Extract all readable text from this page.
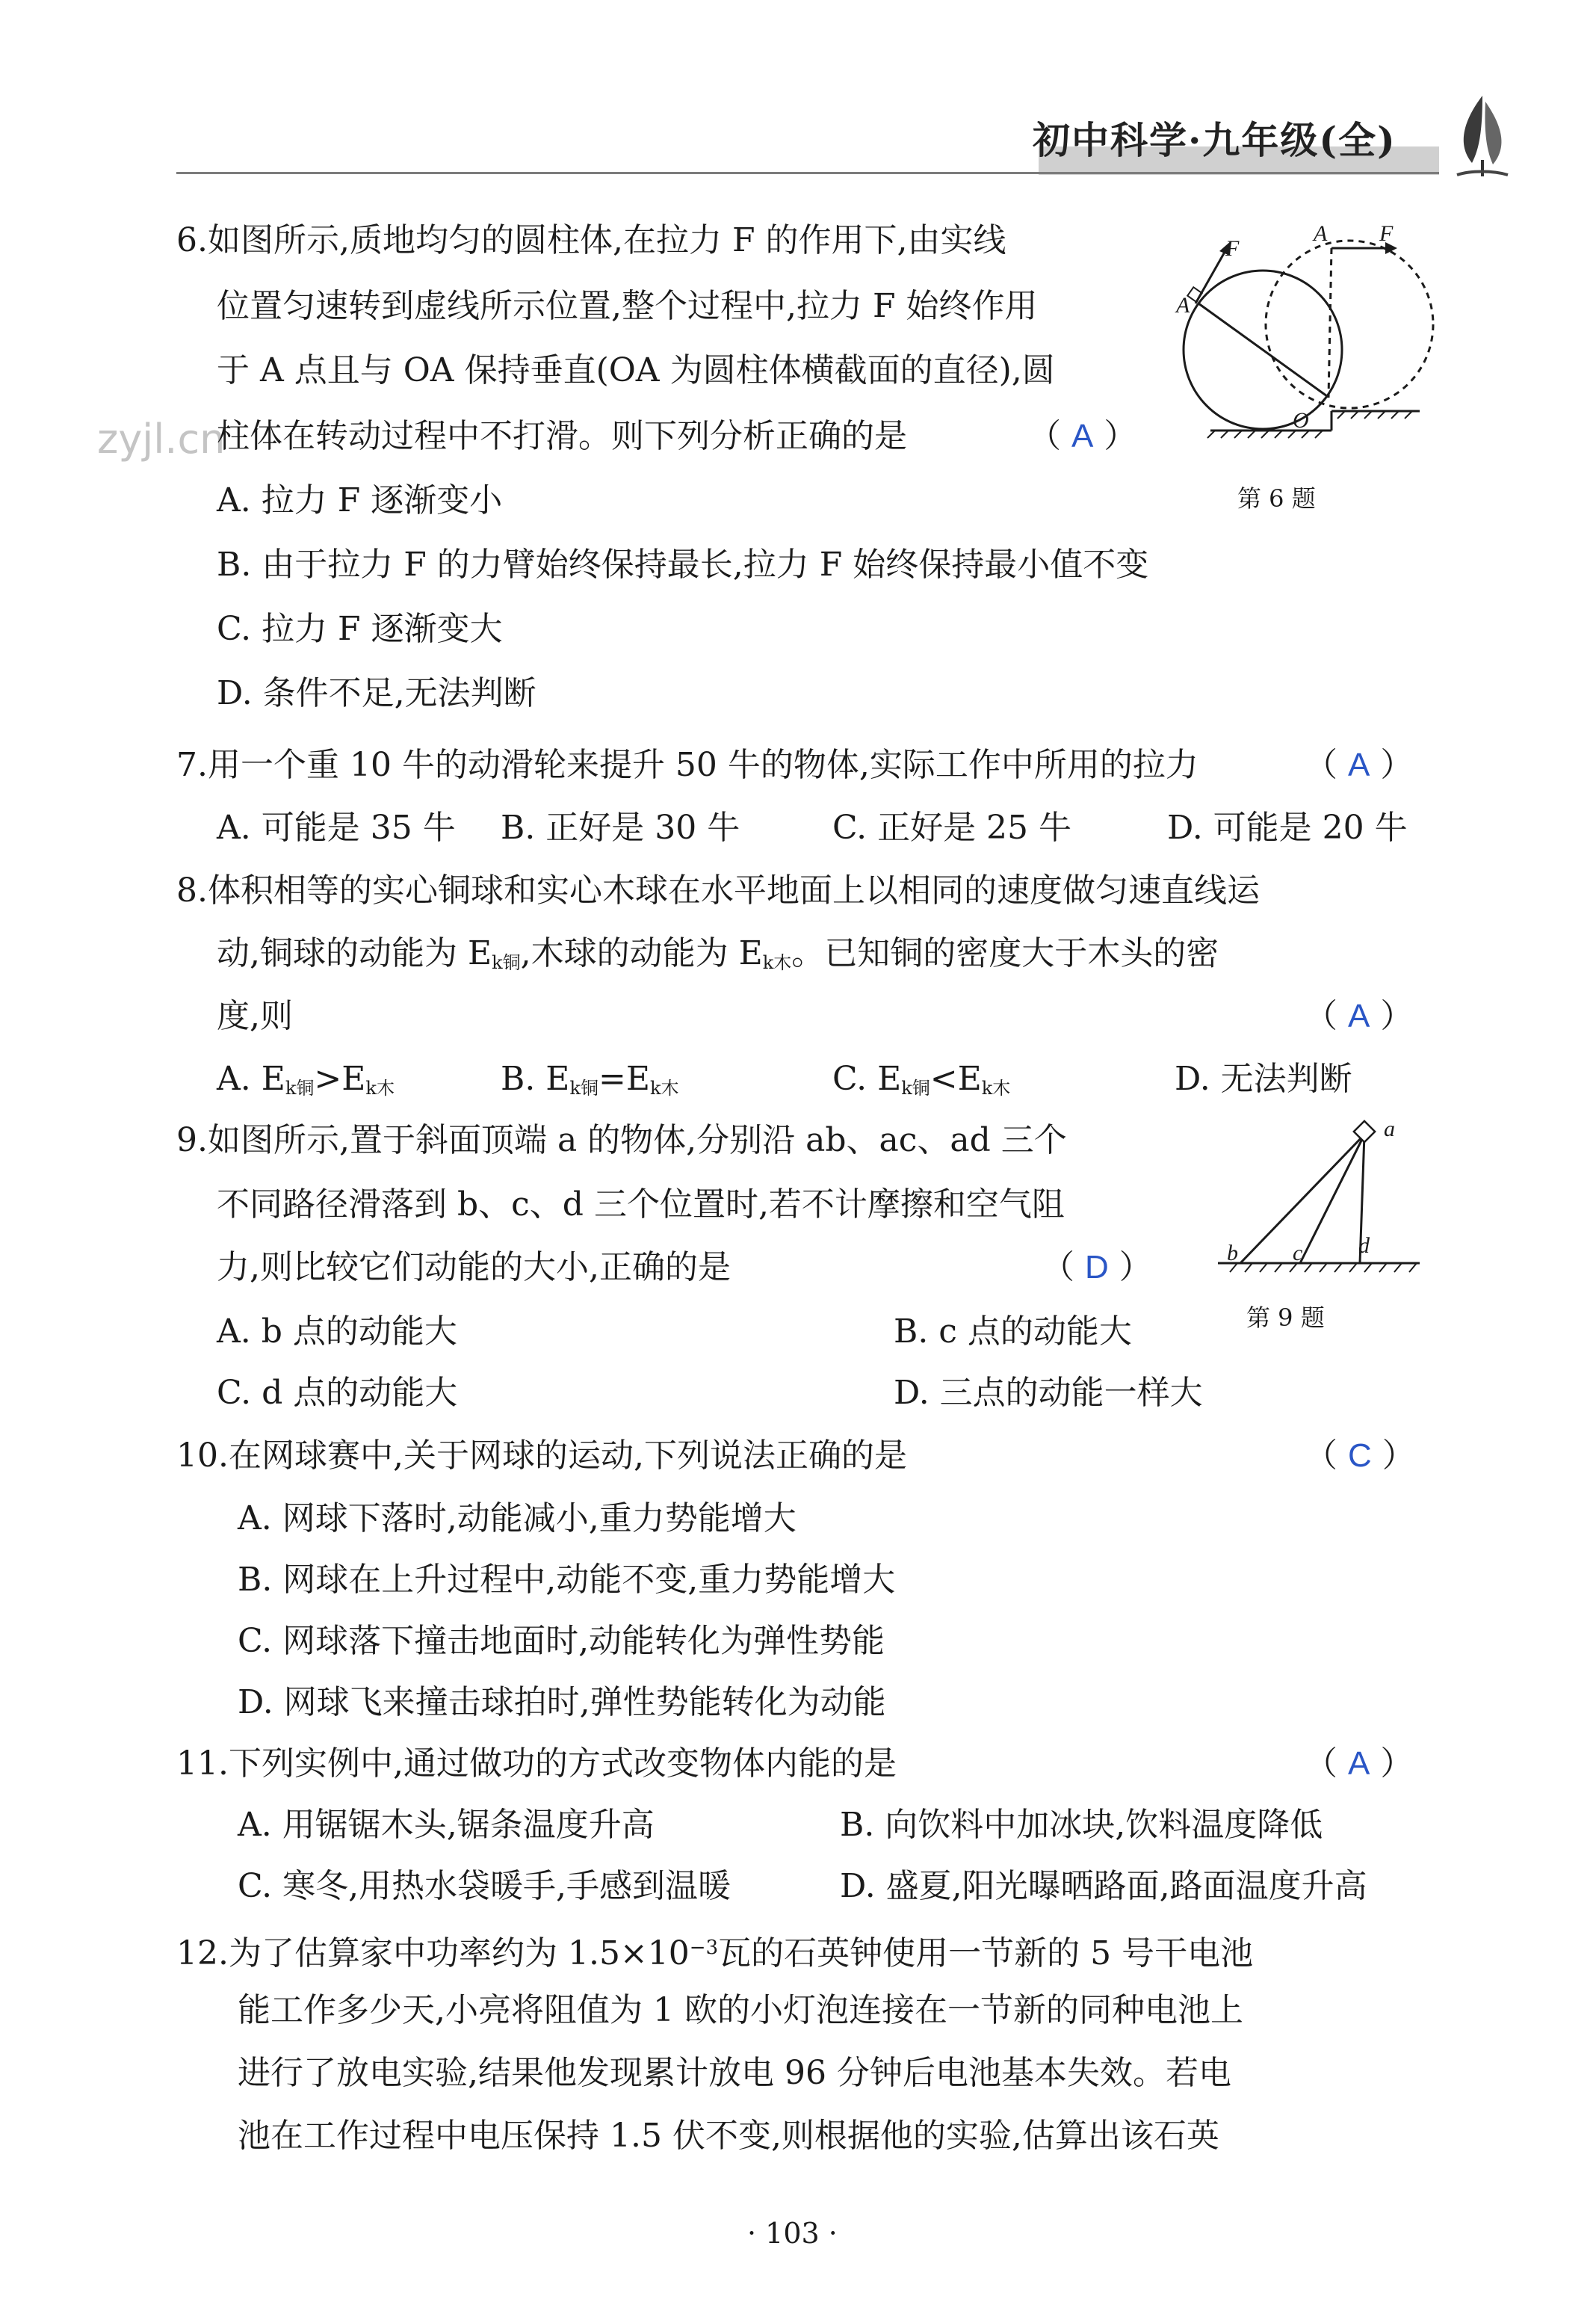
初中科学·九年级(全)
zyjl.cn
6.如图所示,质地均匀的圆柱体,在拉力 F 的作用下,由实线
位置匀速转到虚线所示位置,整个过程中,拉力 F 始终作用
于 A 点且与 OA 保持垂直(OA 为圆柱体横截面的直径),圆
柱体在转动过程中不打滑。则下列分析正确的是	（ A ）
A. 拉力 F 逐渐变小
B. 由于拉力 F 的力臂始终保持最长,拉力 F 始终保持最小值不变
C. 拉力 F 逐渐变大
D. 条件不足,无法判断
F
A
A F
O
第 6 题
7.用一个重 10 牛的动滑轮来提升 50 牛的物体,实际工作中所用的拉力	（ A ）
A. 可能是 35 牛 B. 正好是 30 牛	C. 正好是 25 牛	D. 可能是 20 牛
8.体积相等的实心铜球和实心木球在水平地面上以相同的速度做匀速直线运
动,铜球的动能为 $E_{k铜}$,木球的动能为 $E_{k木}$。已知铜的密度大于木头的密
度,则	（ A ）
A. $E_{k铜}>E_{k木}$	B. $E_{k铜}=E_{k木}$	C. $E_{k铜}<E_{k木}$	D. 无法判断
9.如图所示,置于斜面顶端 a 的物体,分别沿 ab、ac、ad 三个
不同路径滑落到 b、c、d 三个位置时,若不计摩擦和空气阻
力,则比较它们动能的大小,正确的是	（ D ）
A. b 点的动能大	B. c 点的动能大
C. d 点的动能大	D. 三点的动能一样大
a
b c d
第 9 题
10.在网球赛中,关于网球的运动,下列说法正确的是	（ C ）
A. 网球下落时,动能减小,重力势能增大
B. 网球在上升过程中,动能不变,重力势能增大
C. 网球落下撞击地面时,动能转化为弹性势能
D. 网球飞来撞击球拍时,弹性势能转化为动能
11.下列实例中,通过做功的方式改变物体内能的是	（ A ）
A. 用锯锯木头,锯条温度升高	B. 向饮料中加冰块,饮料温度降低
C. 寒冬,用热水袋暖手,手感到温暖	D. 盛夏,阳光曝晒路面,路面温度升高
12.为了估算家中功率约为 $1.5\times 10^{-3}$瓦的石英钟使用一节新的 5 号干电池
能工作多少天,小亮将阻值为 1 欧的小灯泡连接在一节新的同种电池上
进行了放电实验,结果他发现累计放电 96 分钟后电池基本失效。若电
池在工作过程中电压保持 1.5 伏不变,则根据他的实验,估算出该石英
· 103 ·
